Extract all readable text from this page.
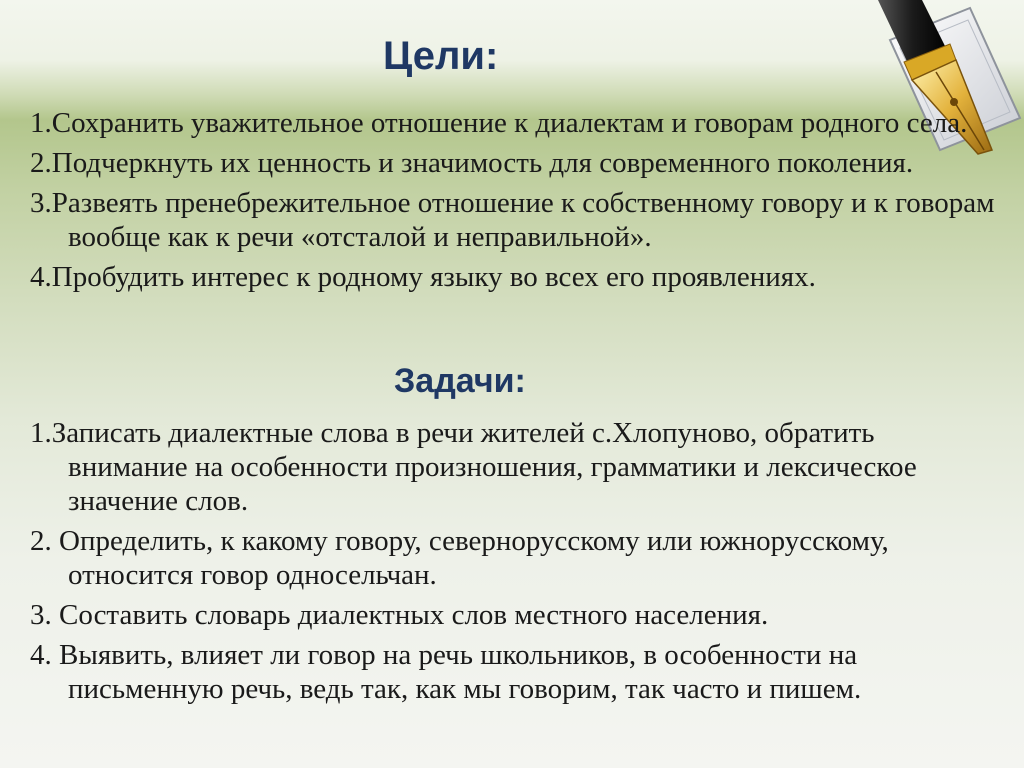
Цели:
1.Сохранить уважительное отношение к диалектам и говорам родного села.
2.Подчеркнуть их ценность и значимость для современного поколения.
3.Развеять пренебрежительное отношение к собственному говору и к говорам вообще как к речи «отсталой и неправильной».
4.Пробудить интерес к родному языку во всех его проявлениях.
Задачи:
1.Записать диалектные слова в речи жителей с.Хлопуново, обратить внимание на особенности произношения, грамматики и лексическое значение слов.
2. Определить, к какому говору, севернорусскому или южнорусскому, относится говор односельчан.
3. Составить словарь диалектных слов местного населения.
4. Выявить, влияет ли говор на речь школьников, в особенности на письменную речь, ведь так, как мы говорим, так часто и пишем.
